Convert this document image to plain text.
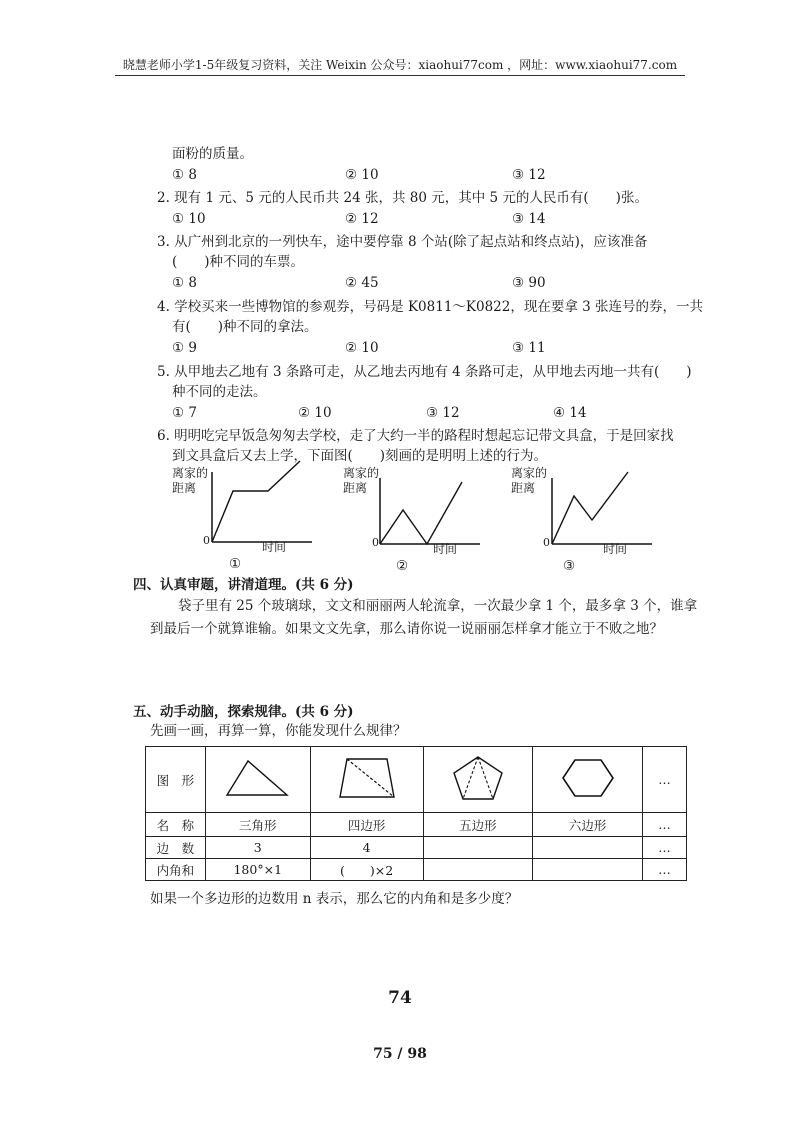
晓慧老师小学1-5年级复习资料，关注 Weixin 公众号：xiaohui77com ，网址：www.xiaohui77.com
面粉的质量。
① 8	② 10	③ 12
2. 现有 1 元、5 元的人民币共 24 张，共 80 元，其中 5 元的人民币有(　　)张。
① 10	② 12	③ 14
3. 从广州到北京的一列快车，途中要停靠 8 个站(除了起点站和终点站)，应该准备
(　　)种不同的车票。
① 8	② 45	③ 90
4. 学校买来一些博物馆的参观券，号码是 K0811～K0822，现在要拿 3 张连号的券，一共
有(　　)种不同的拿法。
① 9	② 10	③ 11
5. 从甲地去乙地有 3 条路可走，从乙地去丙地有 4 条路可走，从甲地去丙地一共有(　　)
种不同的走法。
① 7	② 10	③ 12	④ 14
6. 明明吃完早饭急匆匆去学校，走了大约一半的路程时想起忘记带文具盒，于是回家找
到文具盒后又去上学，下面图(　　)刻画的是明明上述的行为。
离家的
距离
0	时间
①
离家的
距离
0	时间
②
离家的
距离
0	时间
③
四、认真审题，讲清道理。(共 6 分)
袋子里有 25 个玻璃球，文文和丽丽两人轮流拿，一次最少拿 1 个，最多拿 3 个，谁拿
到最后一个就算谁输。如果文文先拿，那么请你说一说丽丽怎样拿才能立于不败之地？
五、动手动脑，探索规律。(共 6 分)
先画一画，再算一算，你能发现什么规律？
图　形					…
名　称	三角形	四边形	五边形	六边形	…
边　数	3	4			…
内角和	180°×1	(　　)×2			…
如果一个多边形的边数用 n 表示，那么它的内角和是多少度？
74
75 / 98
